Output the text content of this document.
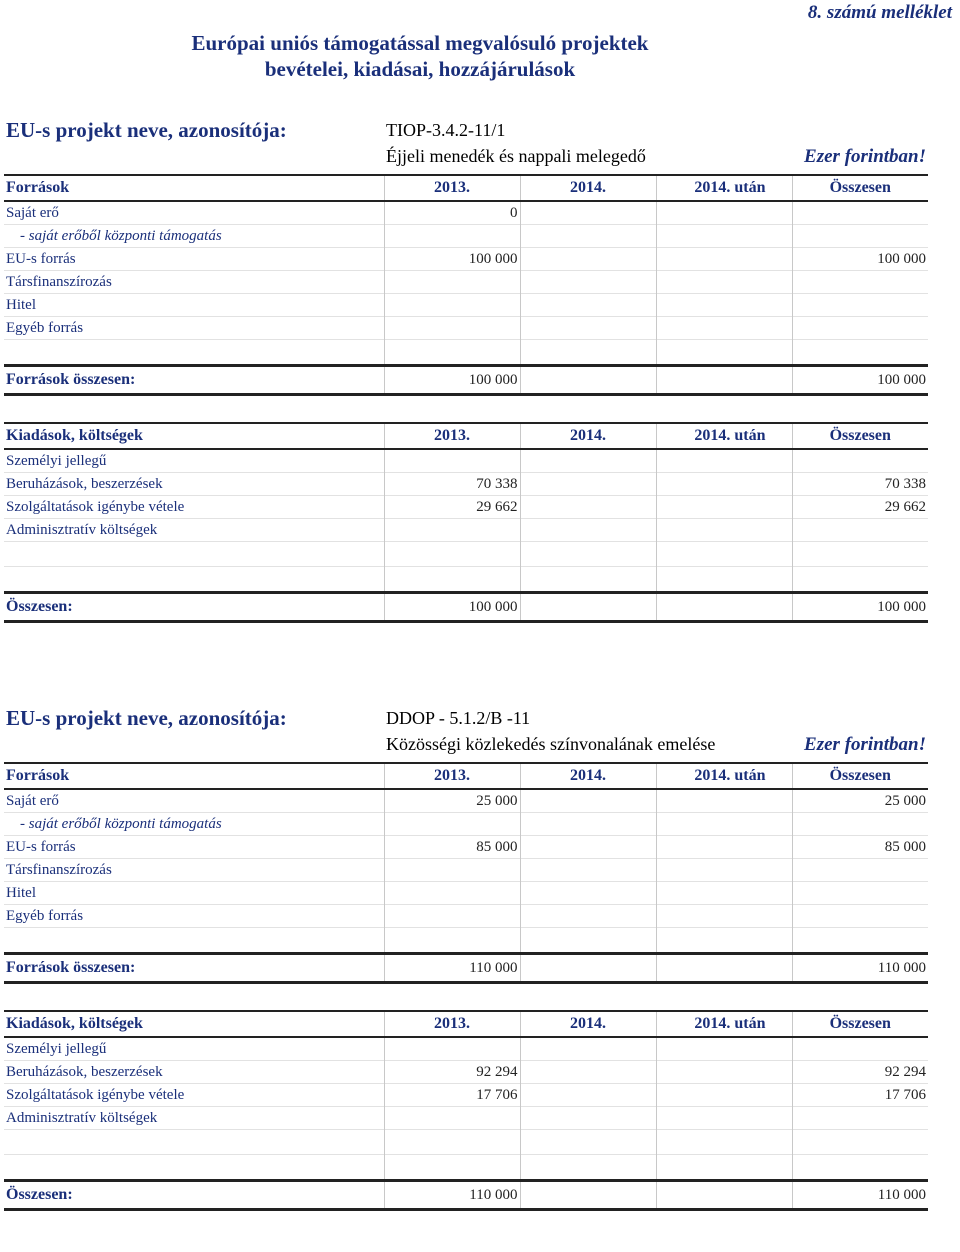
8. számú melléklet
Európai uniós támogatással megvalósuló projektek
bevételei, kiadásai, hozzájárulások
EU-s projekt neve, azonosítója:	TIOP-3.4.2-11/1
Éjjeli menedék és nappali melegedő	Ezer forintban!
Források	2013.	2014.	2014. után	Összesen
Saját erő	0			
- saját erőből központi támogatás				
EU-s forrás	100 000			100 000
Társfinanszírozás				
Hitel				
Egyéb forrás				

Források összesen:	100 000			100 000
Kiadások, költségek	2013.	2014.	2014. után	Összesen
Személyi jellegű				
Beruházások, beszerzések	70 338			70 338
Szolgáltatások igénybe vétele	29 662			29 662
Adminisztratív költségek				

Összesen:	100 000			100 000
EU-s projekt neve, azonosítója:	DDOP - 5.1.2/B -11
Közösségi közlekedés színvonalának emelése	Ezer forintban!
Források	2013.	2014.	2014. után	Összesen
Saját erő	25 000			25 000
- saját erőből központi támogatás				
EU-s forrás	85 000			85 000
Társfinanszírozás				
Hitel				
Egyéb forrás				

Források összesen:	110 000			110 000
Kiadások, költségek	2013.	2014.	2014. után	Összesen
Személyi jellegű				
Beruházások, beszerzések	92 294			92 294
Szolgáltatások igénybe vétele	17 706			17 706
Adminisztratív költségek				

Összesen:	110 000			110 000
